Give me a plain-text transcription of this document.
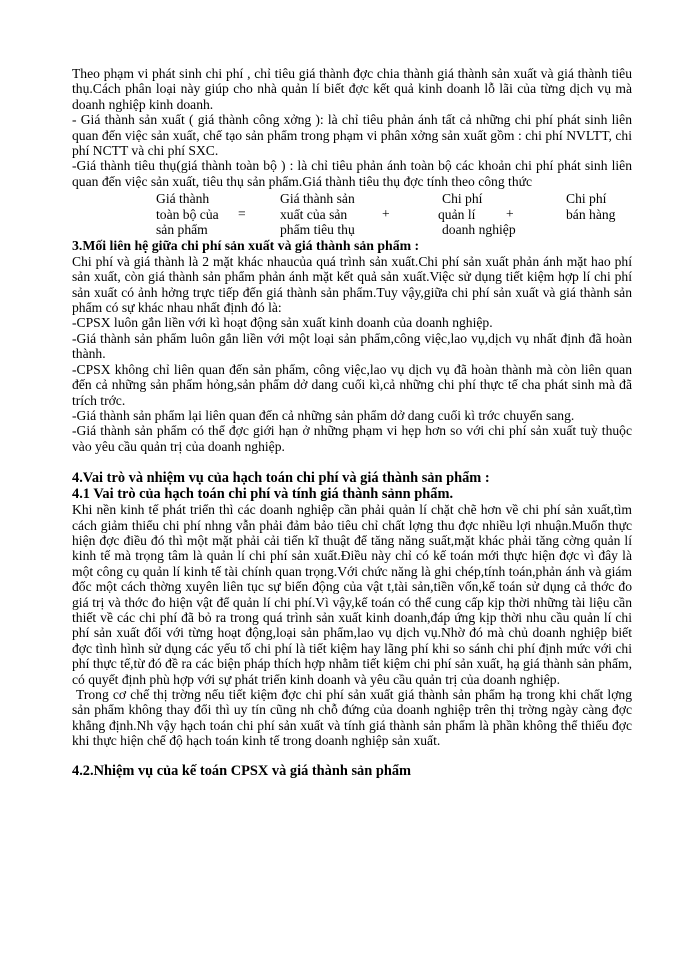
Theo phạm vi phát sinh chi phí , chỉ tiêu giá thành đợc chia thành giá thành sản xuất và giá thành tiêu thụ.Cách phân loại này giúp cho nhà quản lí biết đợc kết quả kinh doanh lỗ lãi của từng dịch vụ mà doanh nghiệp kinh doanh.

- Giá thành sản xuất ( giá thành công xởng ): là chỉ tiêu phản ánh tất cả những chi phí phát sinh liên quan đến việc sản xuất, chế tạo sản phẩm trong phạm vi phân xởng sản xuất gồm : chi phí NVLTT, chi phí NCTT và chi phí SXC.

-Giá thành tiêu thụ(giá thành toàn bộ ) : là chỉ tiêu phản ánh toàn bộ các khoản chi phí phát sinh liên quan đến việc sản xuất, tiêu thụ sản phẩm.Giá thành tiêu thụ đợc tính theo công thức

Giá thành
toàn bộ của
sản phẩm
=
Giá thành sản
xuất của sản
phẩm tiêu thụ
+
Chi phí
quản lí
doanh nghiệp
+
Chi phí
bán hàng
3.Mối liên hệ giữa chi phí sản xuất và giá thành sản phẩm :

Chi phí và giá thành là 2 mặt khác nhaucủa quá trình sản xuất.Chi phí sản xuất phản ánh mặt hao phí sản xuất, còn giá thành sản phẩm phản ánh mặt kết quả sản xuất.Việc sử dụng tiết kiệm hợp lí chi phí sản xuất có ảnh hởng trực tiếp đến giá thành sản phẩm.Tuy vậy,giữa chi phí sản xuất và giá thành sản phẩm có sự khác nhau nhất định đó là:

-CPSX luôn gắn liền với kì hoạt động sản xuất kinh doanh của doanh nghiệp.

-Giá thành sản phẩm luôn gắn liền với một loại sản phẩm,công việc,lao vụ,dịch vụ nhất định đã hoàn thành.

-CPSX không chỉ liên quan đến sản phẩm, công việc,lao vụ dịch vụ đã hoàn thành mà còn liên quan đến cả những sản phẩm hỏng,sản phẩm dở dang cuối kì,cả những chi phí thực tế cha phát sinh mà đã trích trớc.

-Giá thành sản phẩm lại liên quan đến cả những sản phẩm dở dang cuối kì trớc chuyển sang.

-Giá thành sản phẩm có thể đợc giới hạn ở những phạm vi hẹp hơn so với chi phí sản xuất tuỳ thuộc vào yêu cầu quản trị của doanh nghiệp.

4.Vai trò và nhiệm vụ của hạch toán chi phí và giá thành sản phẩm :
4.1 Vai trò của hạch toán chi phí và tính giá thành sảnn phẩm.

Khi nền kinh tế phát triển thì các doanh nghiệp cần phải quản lí chặt chẽ hơn về chi phí sản xuất,tìm cách giảm thiểu chi phí nhng vẫn phải đảm bảo tiêu chỉ chất lợng thu đợc nhiều lợi nhuận.Muốn thực hiện đợc điều đó thì một mặt phải cải tiến kĩ thuật để tăng năng suất,mặt khác phải tăng cờng quản lí kinh tế mà trọng tâm là quản lí chi phí sản xuất.Điều này chỉ có kế toán mới thực hiện đợc vì đây là một công cụ quản lí kinh tế tài chính quan trọng.Với chức năng là ghi chép,tính toán,phản ánh và giám đốc một cách thờng xuyên liên tục sự biến động của vật t,tài sản,tiền vốn,kế toán sử dụng cả thớc đo giá trị và thớc đo hiện vật để quản lí chi phí.Vì vậy,kế toán có thể cung cấp kịp thời những tài liệu cần thiết về các chi phí đã bỏ ra trong quá trình sản xuất kinh doanh,đáp ứng kịp thời nhu cầu quản lí chi phí sản xuất đối với từng hoạt động,loại sản phẩm,lao vụ dịch vụ.Nhờ đó mà chủ doanh nghiệp biết đợc tình hình sử dụng các yếu tố chi phí là tiết kiệm hay lãng phí khi so sánh chi phí định mức với chi phí thực tế,từ đó đề ra các biện pháp thích hợp nhằm tiết kiệm chi phí sản xuất, hạ giá thành sản phẩm, có quyết định phù hợp với sự phát triển kinh doanh và yêu cầu quản trị của doanh nghiệp.

Trong cơ chế thị trờng nếu tiết kiệm đợc chi phí sản xuất giá thành sản phẩm hạ trong khi chất lợng sản phẩm không thay đổi thì uy tín cũng nh chỗ đứng của doanh nghiệp trên thị trờng ngày càng đợc khẳng định.Nh vậy hạch toán chi phí sản xuất và tính giá thành sản phẩm là phần không thể thiếu đợc khi thực hiện chế độ hạch toán kinh tế trong doanh nghiệp sản xuất.

4.2.Nhiệm vụ của kế toán CPSX và giá thành sản phẩm
